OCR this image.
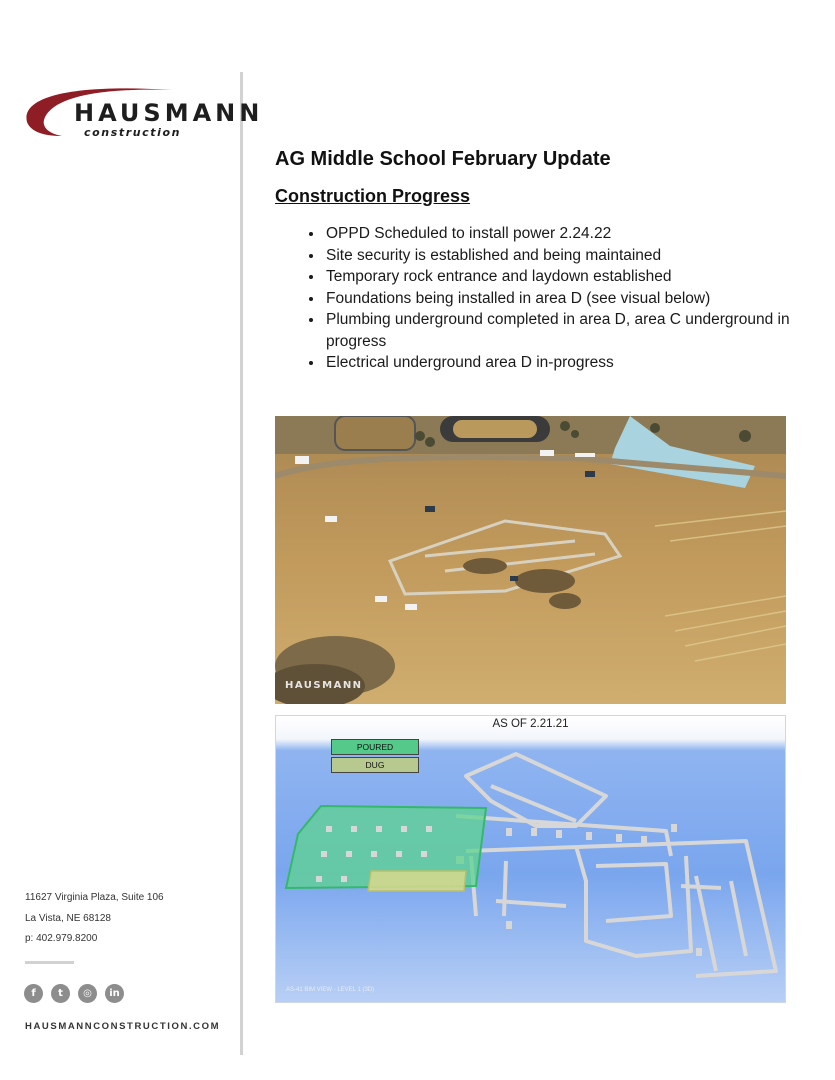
HAUSMANN
construction
AG Middle School February Update
Construction Progress
• OPPD Scheduled to install power 2.24.22
• Site security is established and being maintained
• Temporary rock entrance and laydown established
• Foundations being installed in area D (see visual below)
• Plumbing underground completed in area D, area C underground in progress
• Electrical underground area D in-progress
HAUSMANN
AS OF 2.21.21
POURED
DUG
AS-41 BIM VIEW - LEVEL 1 (3D)
11627 Virginia Plaza, Suite 106
La Vista, NE 68128
p: 402.979.8200
f	t	◎	in
HAUSMANNCONSTRUCTION.COM
